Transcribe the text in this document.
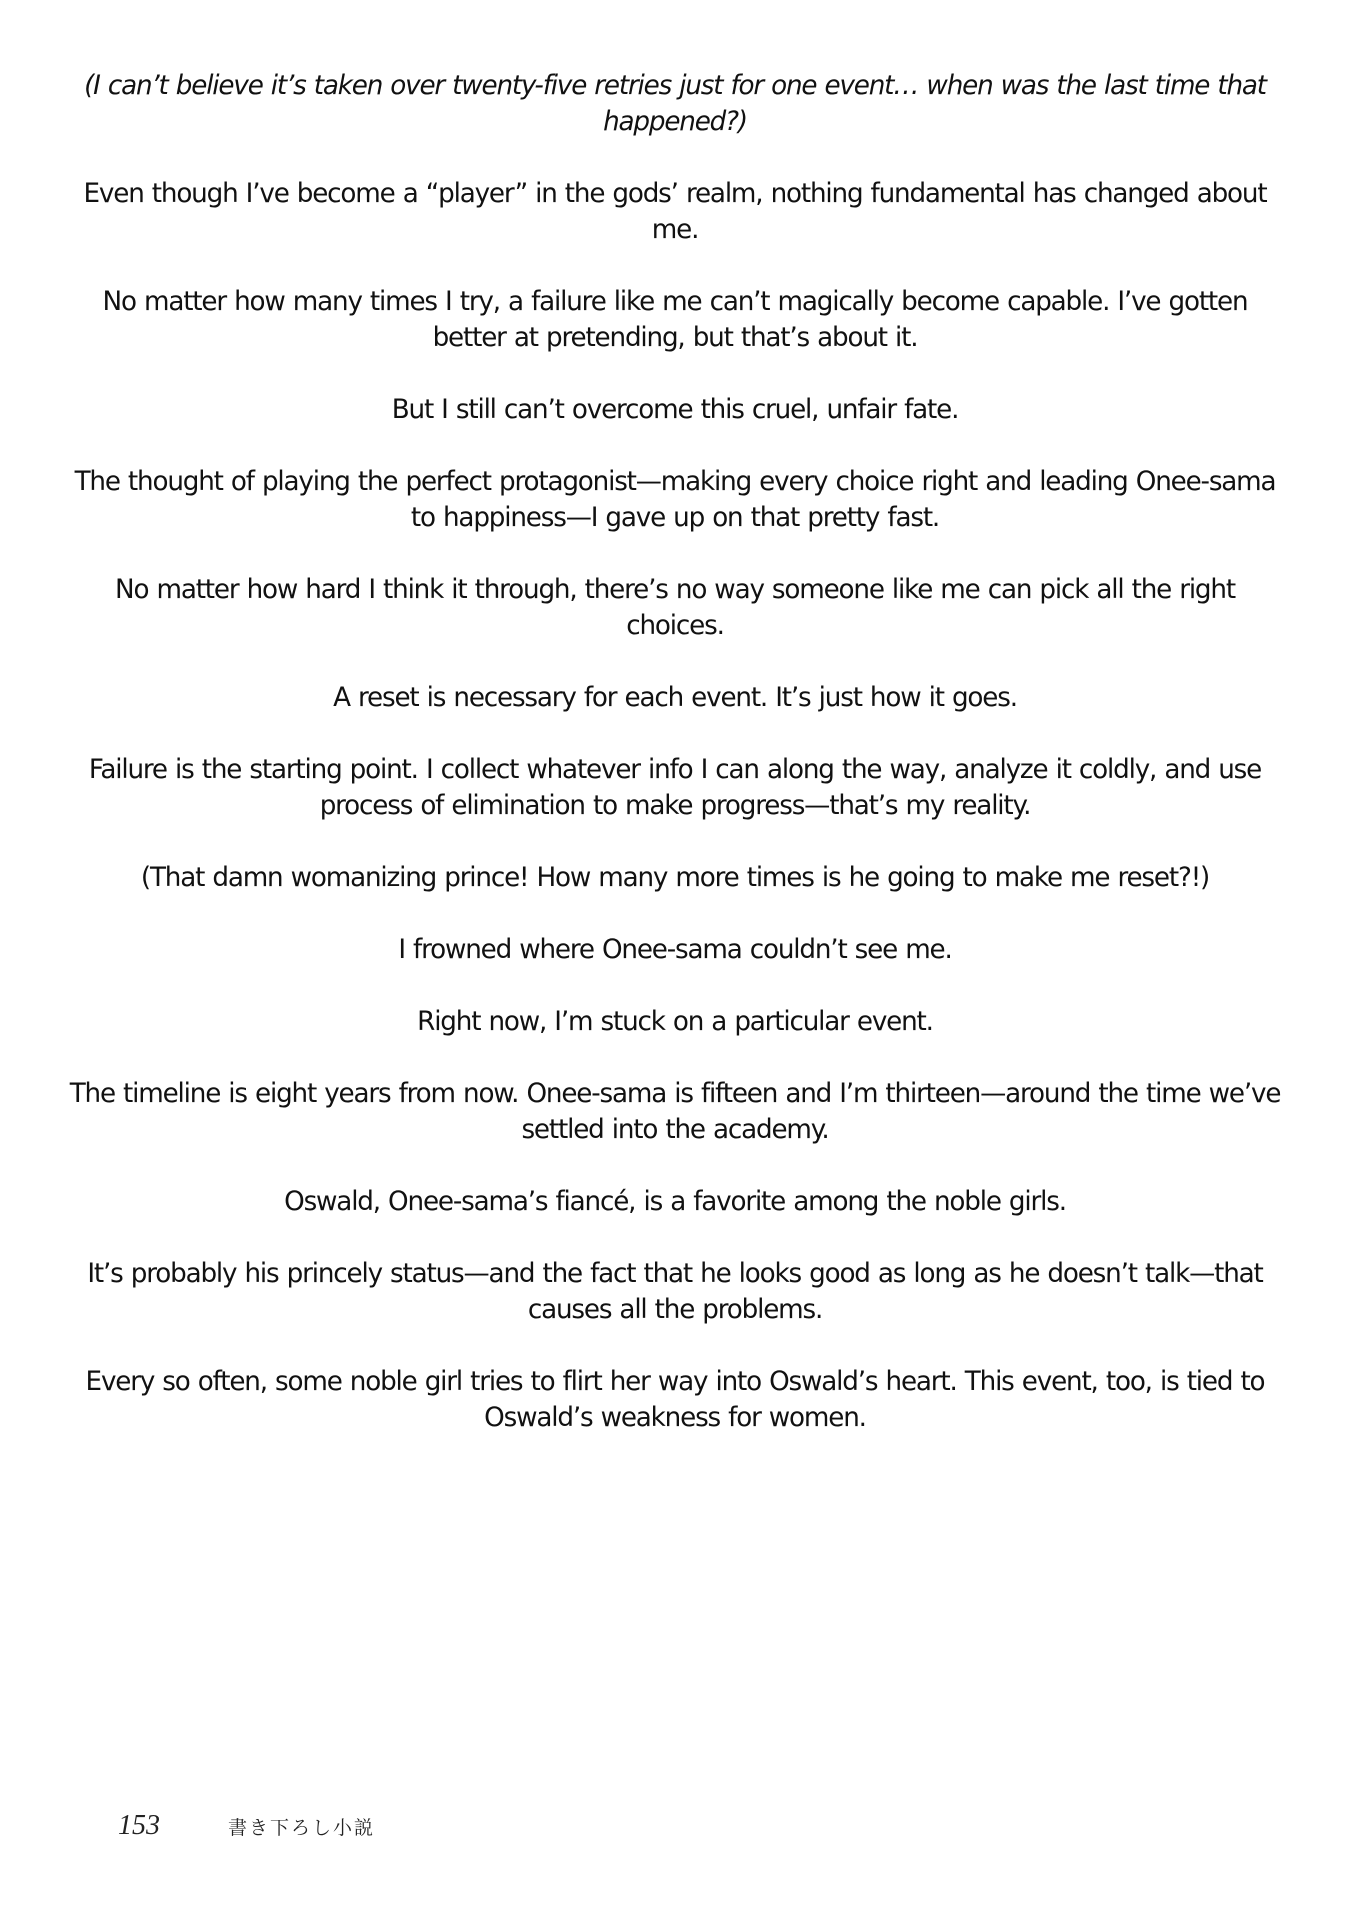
(I can’t believe it’s taken over twenty-five retries just for one event… when was the last time that happened?)

Even though I’ve become a “player” in the gods’ realm, nothing fundamental has changed about me.

No matter how many times I try, a failure like me can’t magically become capable. I’ve gotten better at pretending, but that’s about it.

But I still can’t overcome this cruel, unfair fate.

The thought of playing the perfect protagonist—making every choice right and leading Onee-sama to happiness—I gave up on that pretty fast.

No matter how hard I think it through, there’s no way someone like me can pick all the right choices.

A reset is necessary for each event. It’s just how it goes.

Failure is the starting point. I collect whatever info I can along the way, analyze it coldly, and use process of elimination to make progress—that’s my reality.

(That damn womanizing prince! How many more times is he going to make me reset?!)

I frowned where Onee-sama couldn’t see me.

Right now, I’m stuck on a particular event.

The timeline is eight years from now. Onee-sama is fifteen and I’m thirteen—around the time we’ve settled into the academy.

Oswald, Onee-sama’s fiancé, is a favorite among the noble girls.

It’s probably his princely status—and the fact that he looks good as long as he doesn’t talk—that causes all the problems.

Every so often, some noble girl tries to flirt her way into Oswald’s heart. This event, too, is tied to Oswald’s weakness for women.

153	書き下ろし小説
